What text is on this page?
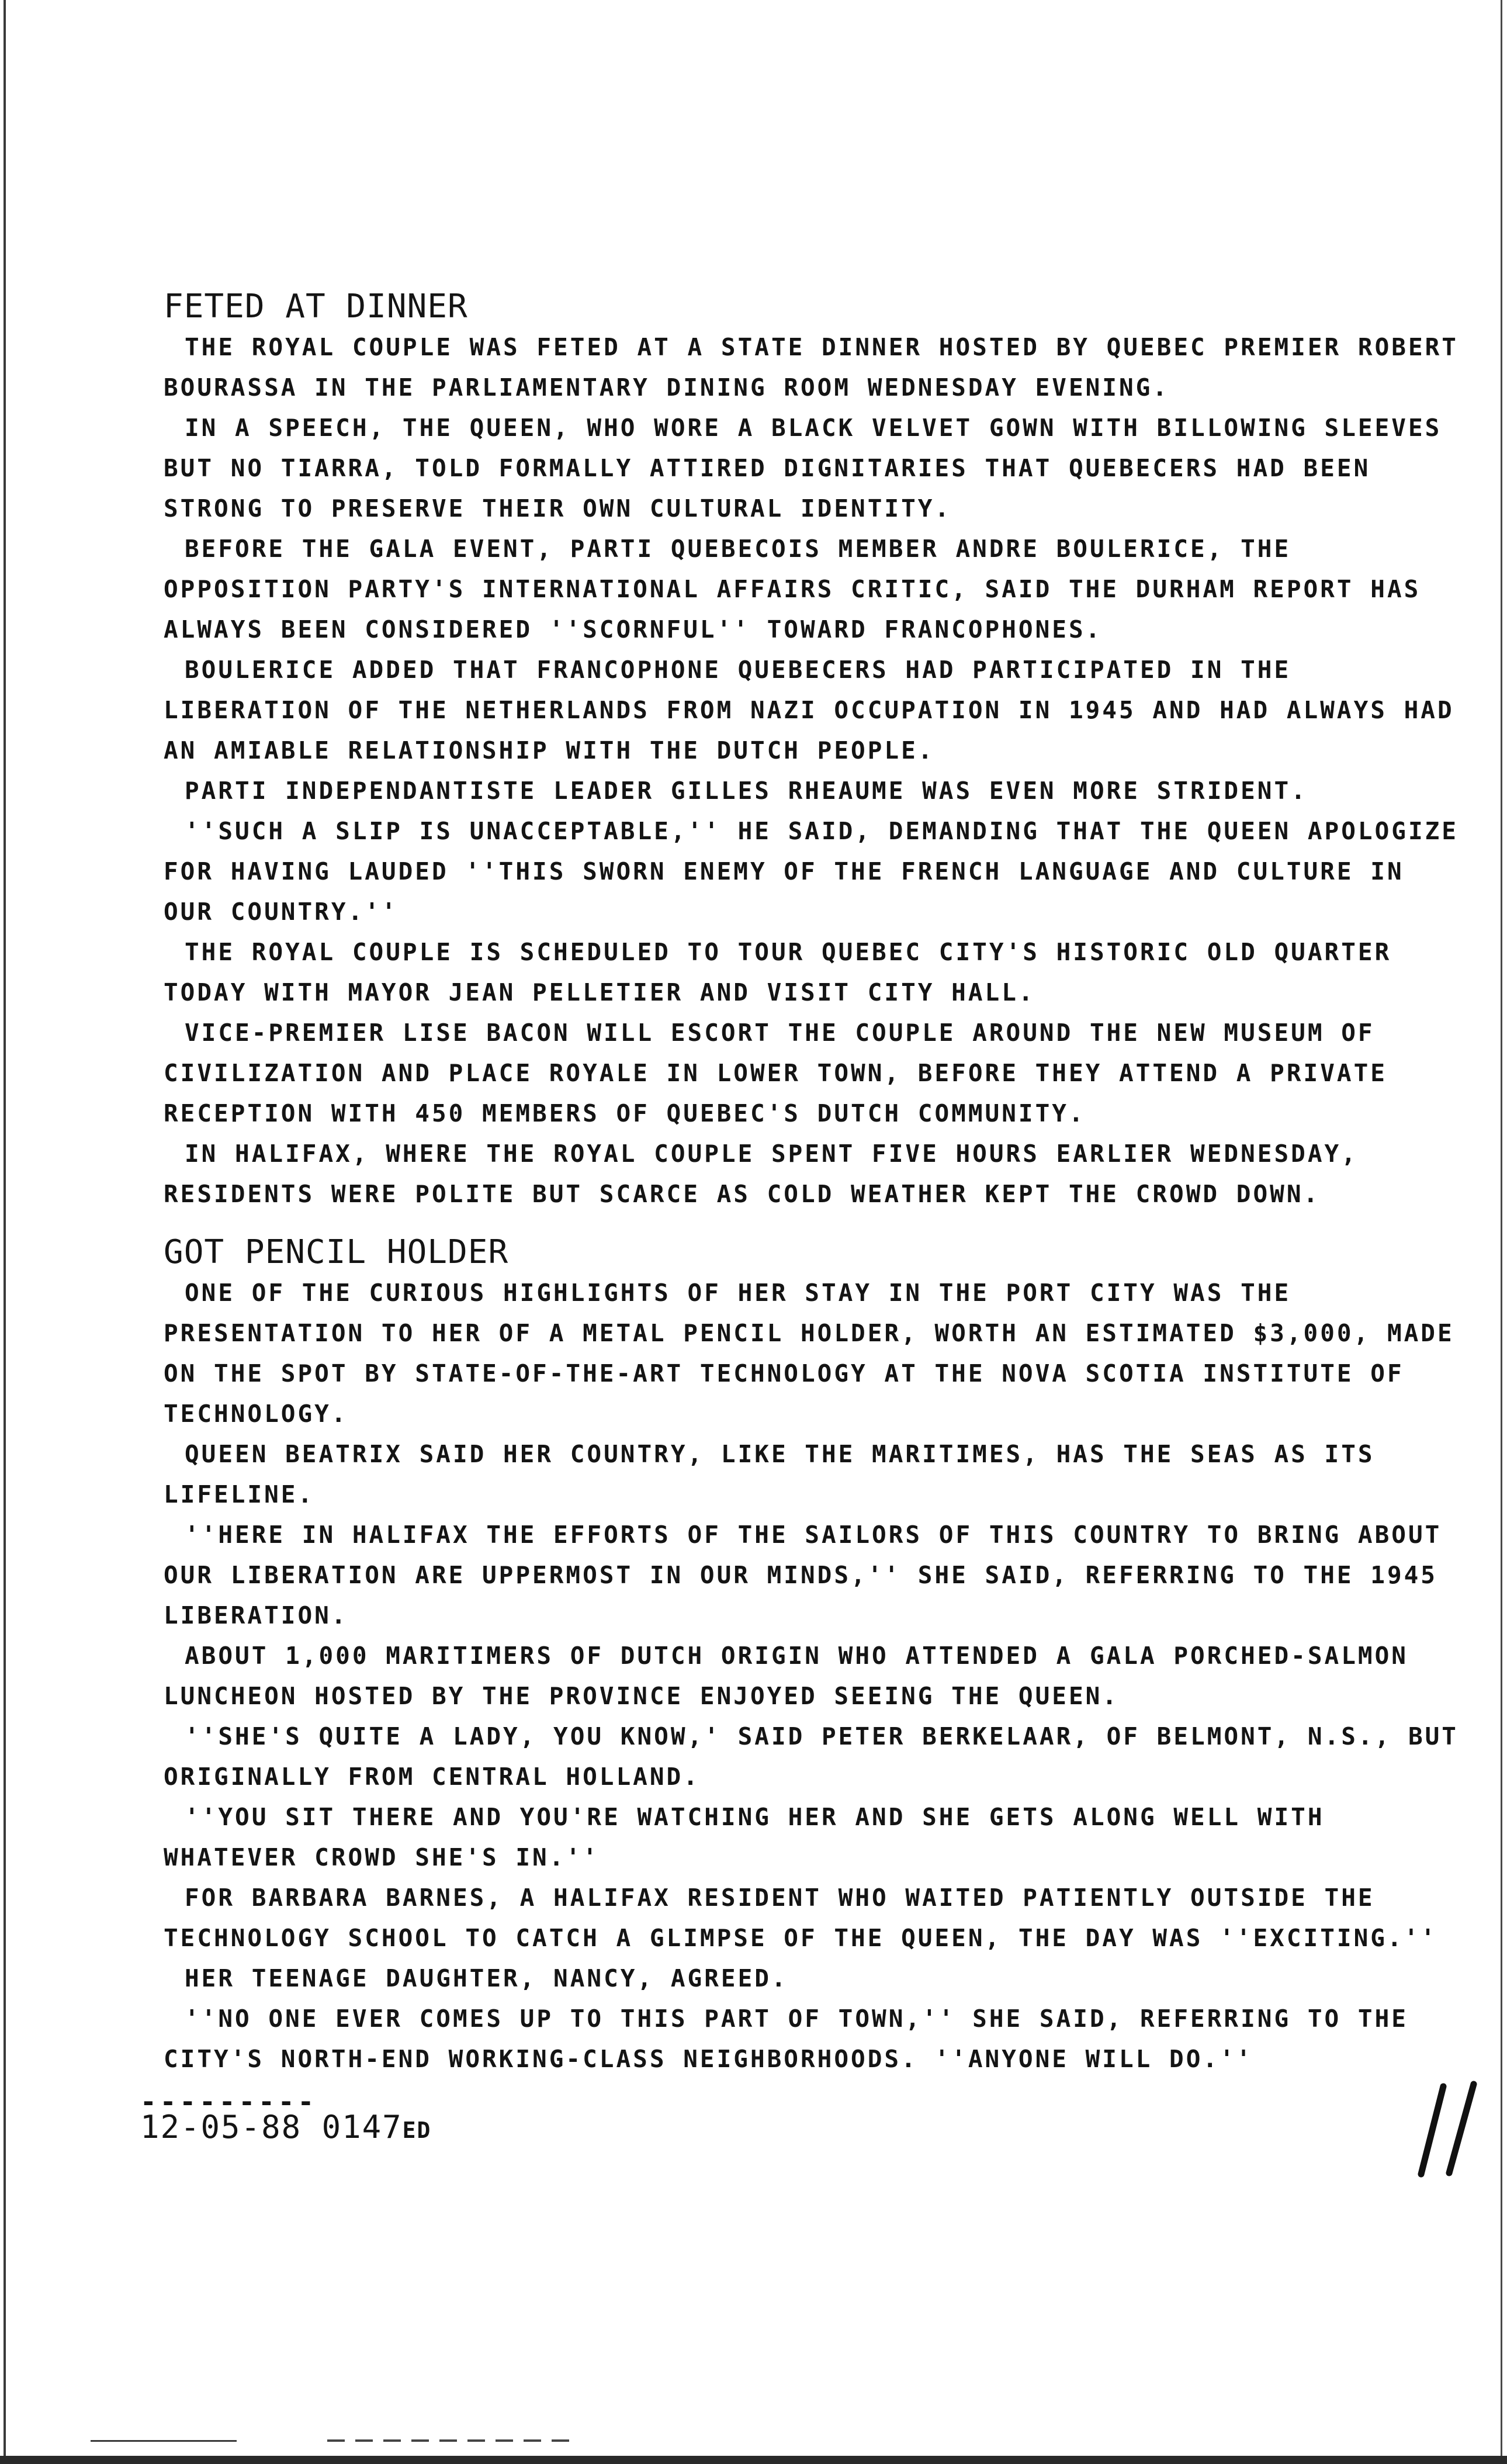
FETED AT DINNER

THE ROYAL COUPLE WAS FETED AT A STATE DINNER HOSTED BY QUEBEC PREMIER ROBERT BOURASSA IN THE PARLIAMENTARY DINING ROOM WEDNESDAY EVENING.

IN A SPEECH, THE QUEEN, WHO WORE A BLACK VELVET GOWN WITH BILLOWING SLEEVES BUT NO TIARRA, TOLD FORMALLY ATTIRED DIGNITARIES THAT QUEBECERS HAD BEEN STRONG TO PRESERVE THEIR OWN CULTURAL IDENTITY.

BEFORE THE GALA EVENT, PARTI QUEBECOIS MEMBER ANDRE BOULERICE, THE OPPOSITION PARTY'S INTERNATIONAL AFFAIRS CRITIC, SAID THE DURHAM REPORT HAS ALWAYS BEEN CONSIDERED ''SCORNFUL'' TOWARD FRANCOPHONES.

BOULERICE ADDED THAT FRANCOPHONE QUEBECERS HAD PARTICIPATED IN THE LIBERATION OF THE NETHERLANDS FROM NAZI OCCUPATION IN 1945 AND HAD ALWAYS HAD AN AMIABLE RELATIONSHIP WITH THE DUTCH PEOPLE.

PARTI INDEPENDANTISTE LEADER GILLES RHEAUME WAS EVEN MORE STRIDENT.

''SUCH A SLIP IS UNACCEPTABLE,'' HE SAID, DEMANDING THAT THE QUEEN APOLOGIZE FOR HAVING LAUDED ''THIS SWORN ENEMY OF THE FRENCH LANGUAGE AND CULTURE IN OUR COUNTRY.''

THE ROYAL COUPLE IS SCHEDULED TO TOUR QUEBEC CITY'S HISTORIC OLD QUARTER TODAY WITH MAYOR JEAN PELLETIER AND VISIT CITY HALL.

VICE-PREMIER LISE BACON WILL ESCORT THE COUPLE AROUND THE NEW MUSEUM OF CIVILIZATION AND PLACE ROYALE IN LOWER TOWN, BEFORE THEY ATTEND A PRIVATE RECEPTION WITH 450 MEMBERS OF QUEBEC'S DUTCH COMMUNITY.

IN HALIFAX, WHERE THE ROYAL COUPLE SPENT FIVE HOURS EARLIER WEDNESDAY, RESIDENTS WERE POLITE BUT SCARCE AS COLD WEATHER KEPT THE CROWD DOWN.

GOT PENCIL HOLDER

ONE OF THE CURIOUS HIGHLIGHTS OF HER STAY IN THE PORT CITY WAS THE PRESENTATION TO HER OF A METAL PENCIL HOLDER, WORTH AN ESTIMATED $3,000, MADE ON THE SPOT BY STATE-OF-THE-ART TECHNOLOGY AT THE NOVA SCOTIA INSTITUTE OF TECHNOLOGY.

QUEEN BEATRIX SAID HER COUNTRY, LIKE THE MARITIMES, HAS THE SEAS AS ITS LIFELINE.

''HERE IN HALIFAX THE EFFORTS OF THE SAILORS OF THIS COUNTRY TO BRING ABOUT OUR LIBERATION ARE UPPERMOST IN OUR MINDS,'' SHE SAID, REFERRING TO THE 1945 LIBERATION.

ABOUT 1,000 MARITIMERS OF DUTCH ORIGIN WHO ATTENDED A GALA PORCHED-SALMON LUNCHEON HOSTED BY THE PROVINCE ENJOYED SEEING THE QUEEN.

''SHE'S QUITE A LADY, YOU KNOW,' SAID PETER BERKELAAR, OF BELMONT, N.S., BUT ORIGINALLY FROM CENTRAL HOLLAND.

''YOU SIT THERE AND YOU'RE WATCHING HER AND SHE GETS ALONG WELL WITH WHATEVER CROWD SHE'S IN.''

FOR BARBARA BARNES, A HALIFAX RESIDENT WHO WAITED PATIENTLY OUTSIDE THE TECHNOLOGY SCHOOL TO CATCH A GLIMPSE OF THE QUEEN, THE DAY WAS ''EXCITING.''

HER TEENAGE DAUGHTER, NANCY, AGREED.

''NO ONE EVER COMES UP TO THIS PART OF TOWN,'' SHE SAID, REFERRING TO THE CITY'S NORTH-END WORKING-CLASS NEIGHBORHOODS. ''ANYONE WILL DO.''

---------
12-05-88 0147ED
